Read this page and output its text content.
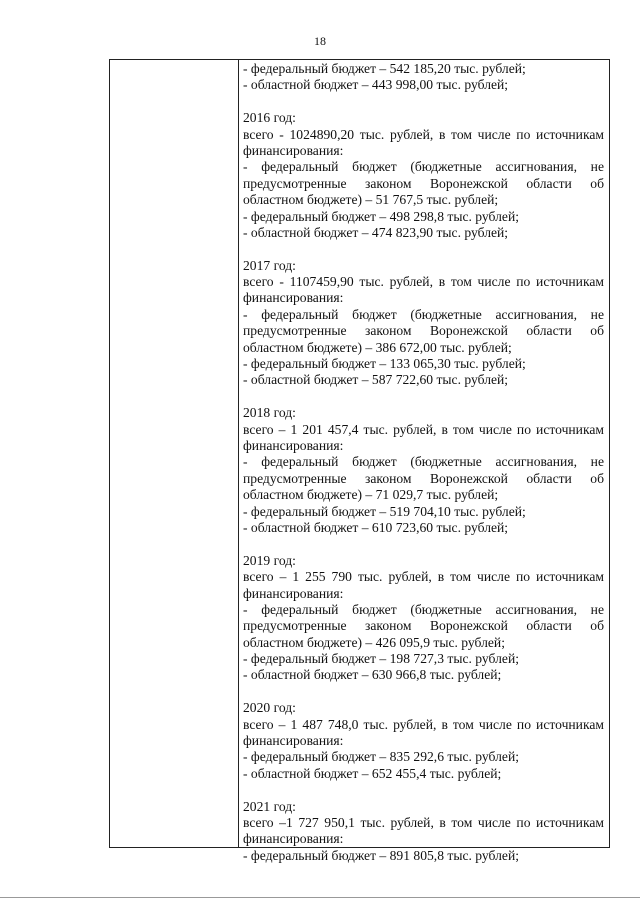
18
- федеральный бюджет – 542 185,20 тыс. рублей;
- областной бюджет – 443 998,00 тыс. рублей;
2016 год:
всего - 1024890,20 тыс. рублей, в том числе по источникам
финансирования:
- федеральный бюджет (бюджетные ассигнования, не
предусмотренные законом Воронежской области об
областном бюджете) – 51 767,5 тыс. рублей;
- федеральный бюджет – 498 298,8 тыс. рублей;
- областной бюджет – 474 823,90 тыс. рублей;
2017 год:
всего - 1107459,90 тыс. рублей, в том числе по источникам
финансирования:
- федеральный бюджет (бюджетные ассигнования, не
предусмотренные законом Воронежской области об
областном бюджете) – 386 672,00 тыс. рублей;
- федеральный бюджет – 133 065,30 тыс. рублей;
- областной бюджет – 587 722,60 тыс. рублей;
2018 год:
всего – 1 201 457,4 тыс. рублей, в том числе по источникам
финансирования:
- федеральный бюджет (бюджетные ассигнования, не
предусмотренные законом Воронежской области об
областном бюджете) – 71 029,7 тыс. рублей;
- федеральный бюджет – 519 704,10 тыс. рублей;
- областной бюджет – 610 723,60 тыс. рублей;
2019 год:
всего – 1 255 790 тыс. рублей, в том числе по источникам
финансирования:
- федеральный бюджет (бюджетные ассигнования, не
предусмотренные законом Воронежской области об
областном бюджете) – 426 095,9 тыс. рублей;
- федеральный бюджет – 198 727,3 тыс. рублей;
- областной бюджет – 630 966,8 тыс. рублей;
2020 год:
всего – 1 487 748,0 тыс. рублей, в том числе по источникам
финансирования:
- федеральный бюджет – 835 292,6 тыс. рублей;
- областной бюджет – 652 455,4 тыс. рублей;
2021 год:
всего –1 727 950,1 тыс. рублей, в том числе по источникам
финансирования:
- федеральный бюджет – 891 805,8 тыс. рублей;
